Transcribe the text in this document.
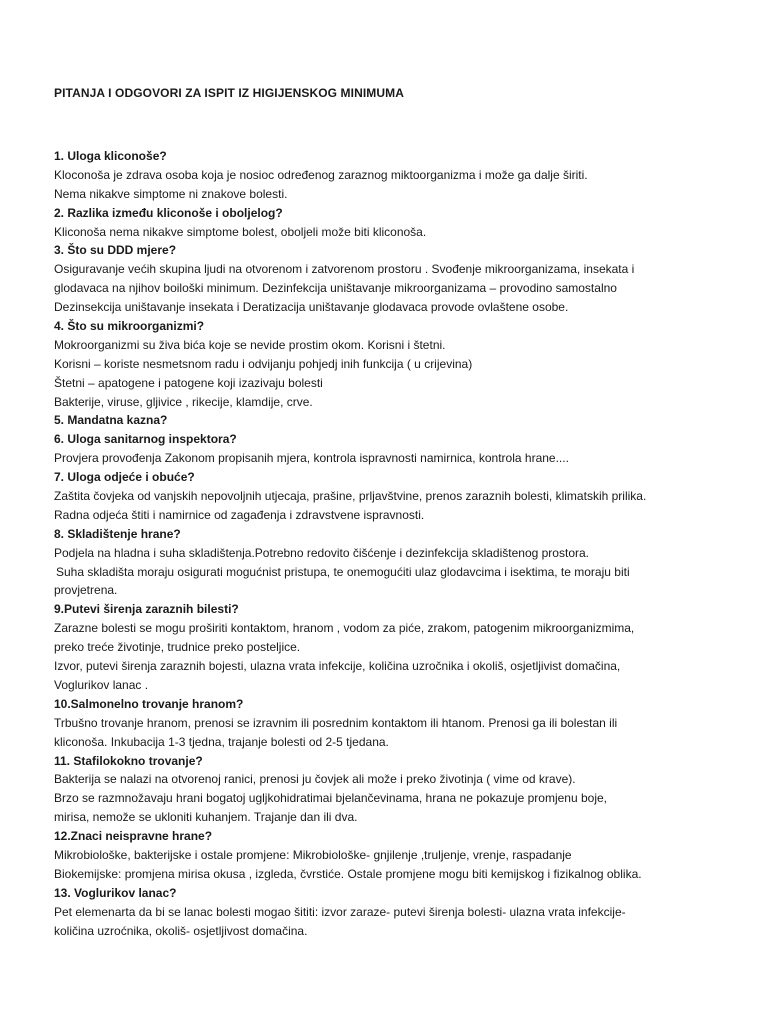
PITANJA I ODGOVORI ZA ISPIT IZ HIGIJENSKOG MINIMUMA
1. Uloga kliconoše?
Kloconoša je zdrava osoba koja je nosioc određenog zaraznog miktoorganizma i može ga dalje širiti.
Nema nikakve simptome ni znakove bolesti.
2. Razlika između kliconoše i oboljelog?
Kliconoša nema nikakve simptome bolest, oboljeli može biti kliconoša.
3. Što su DDD mjere?
Osiguravanje većih skupina ljudi na otvorenom i zatvorenom prostoru . Svođenje mikroorganizama, insekata i
glodavaca na njihov boiloški minimum. Dezinfekcija uništavanje mikroorganizama – provodino samostalno
Dezinsekcija uništavanje insekata i Deratizacija uništavanje glodavaca provode ovlaštene osobe.
4. Što su mikroorganizmi?
Mokroorganizmi su živa bića koje se nevide prostim okom. Korisni i štetni.
Korisni – koriste nesmetsnom radu i odvijanju pohjedj inih funkcija ( u crijevina)
Štetni – apatogene i patogene koji izazivaju bolesti
Bakterije, viruse, gljivice , rikecije, klamdije, crve.
5. Mandatna kazna?
6. Uloga sanitarnog inspektora?
Provjera provođenja Zakonom propisanih mjera, kontrola ispravnosti namirnica, kontrola hrane....
7. Uloga odjeće i obuće?
Zaštita čovjeka od vanjskih nepovoljnih utjecaja, prašine, prljavštvine, prenos zaraznih bolesti, klimatskih prilika.
Radna odjeća štiti i namirnice od zagađenja i zdravstvene ispravnosti.
8. Skladištenje hrane?
Podjela na hladna i suha skladištenja.Potrebno redovito čišćenje i dezinfekcija skladištenog prostora.
Suha skladišta moraju osigurati mogućnist pristupa, te onemogućiti ulaz glodavcima i isektima, te moraju biti
provjetrena.
9.Putevi širenja zaraznih bilesti?
Zarazne bolesti se mogu proširiti kontaktom, hranom , vodom za piće, zrakom, patogenim mikroorganizmima,
preko treće životinje, trudnice preko posteljice.
Izvor, putevi širenja zaraznih bojesti, ulazna vrata infekcije, količina uzročnika i okoliš, osjetljivist domačina,
Voglurikov lanac .
10.Salmonelno trovanje hranom?
Trbušno trovanje hranom, prenosi se izravnim ili posrednim kontaktom ili htanom. Prenosi ga ili bolestan ili
kliconoša. Inkubacija 1-3 tjedna, trajanje bolesti od 2-5 tjedana.
11. Stafilokokno trovanje?
Bakterija se nalazi na otvorenoj ranici, prenosi ju čovjek ali može i preko životinja ( vime od krave).
Brzo se razmnožavaju hrani bogatoj ugljkohidratimai bjelančevinama, hrana ne pokazuje promjenu boje,
mirisa, nemože se ukloniti kuhanjem. Trajanje dan ili dva.
12.Znaci neispravne hrane?
Mikrobiološke, bakterijske i ostale promjene: Mikrobiološke- gnjilenje ,truljenje, vrenje, raspadanje
Biokemijske: promjena mirisa okusa , izgleda, čvrstiće. Ostale promjene mogu biti kemijskog i fizikalnog oblika.
13. Voglurikov lanac?
Pet elemenarta da bi se lanac bolesti mogao šititi: izvor zaraze- putevi širenja bolesti- ulazna vrata infekcije-
količina uzroćnika, okoliš- osjetljivost domačina.
